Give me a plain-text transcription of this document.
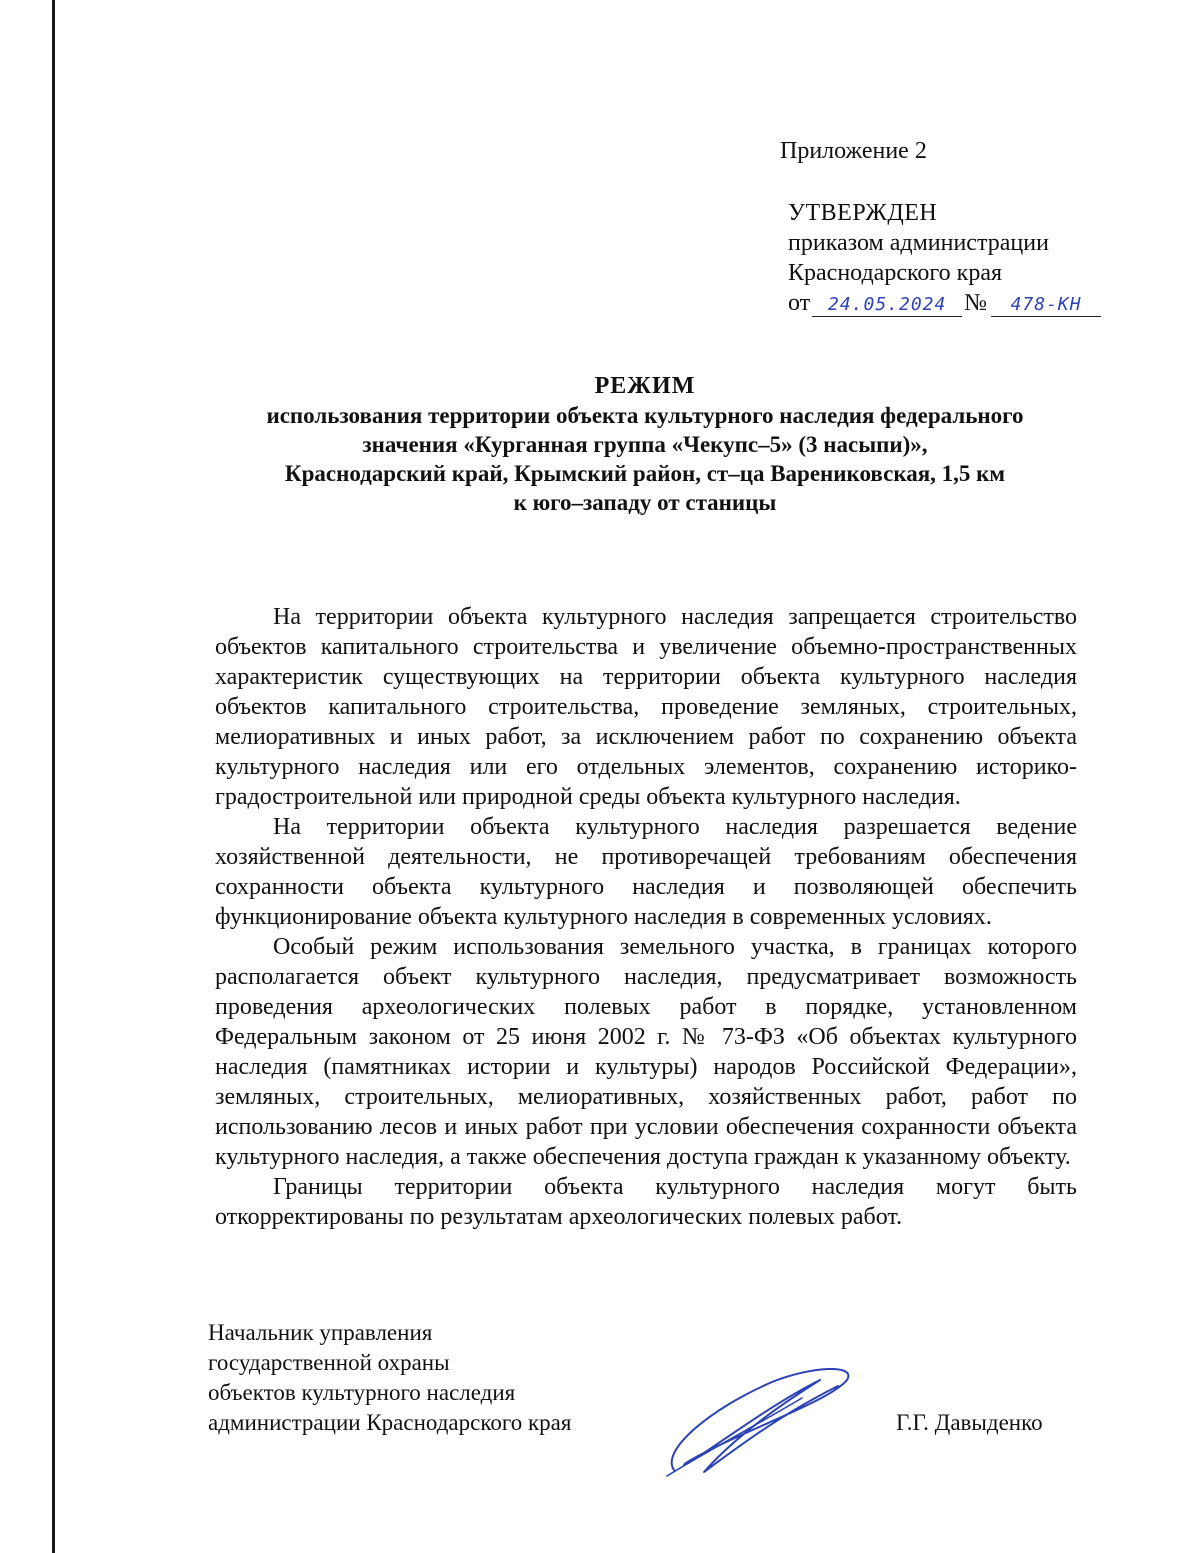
Приложение 2
УТВЕРЖДЕН
приказом администрации
Краснодарского края
от 24.05.2024 № 478-КН
РЕЖИМ
использования территории объекта культурного наследия федерального
значения «Курганная группа «Чекупс–5» (3 насыпи)»,
Краснодарский край, Крымский район, ст–ца Варениковская, 1,5 км
к юго–западу от станицы

На территории объекта культурного наследия запрещается строительство объектов капитального строительства и увеличение объемно-пространственных характеристик существующих на территории объекта культурного наследия объектов капитального строительства, проведение земляных, строительных, мелиоративных и иных работ, за исключением работ по сохранению объекта культурного наследия или его отдельных элементов, сохранению историко-градостроительной или природной среды объекта культурного наследия.

На территории объекта культурного наследия разрешается ведение хозяйственной деятельности, не противоречащей требованиям обеспечения сохранности объекта культурного наследия и позволяющей обеспечить функционирование объекта культурного наследия в современных условиях.

Особый режим использования земельного участка, в границах которого располагается объект культурного наследия, предусматривает возможность проведения археологических полевых работ в порядке, установленном Федеральным законом от 25 июня 2002 г. № 73-ФЗ «Об объектах культурного наследия (памятниках истории и культуры) народов Российской Федерации», земляных, строительных, мелиоративных, хозяйственных работ, работ по использованию лесов и иных работ при условии обеспечения сохранности объекта культурного наследия, а также обеспечения доступа граждан к указанному объекту.

Границы территории объекта культурного наследия могут быть откорректированы по результатам археологических полевых работ.

Начальник управления
государственной охраны
объектов культурного наследия
администрации Краснодарского края	Г.Г. Давыденко
